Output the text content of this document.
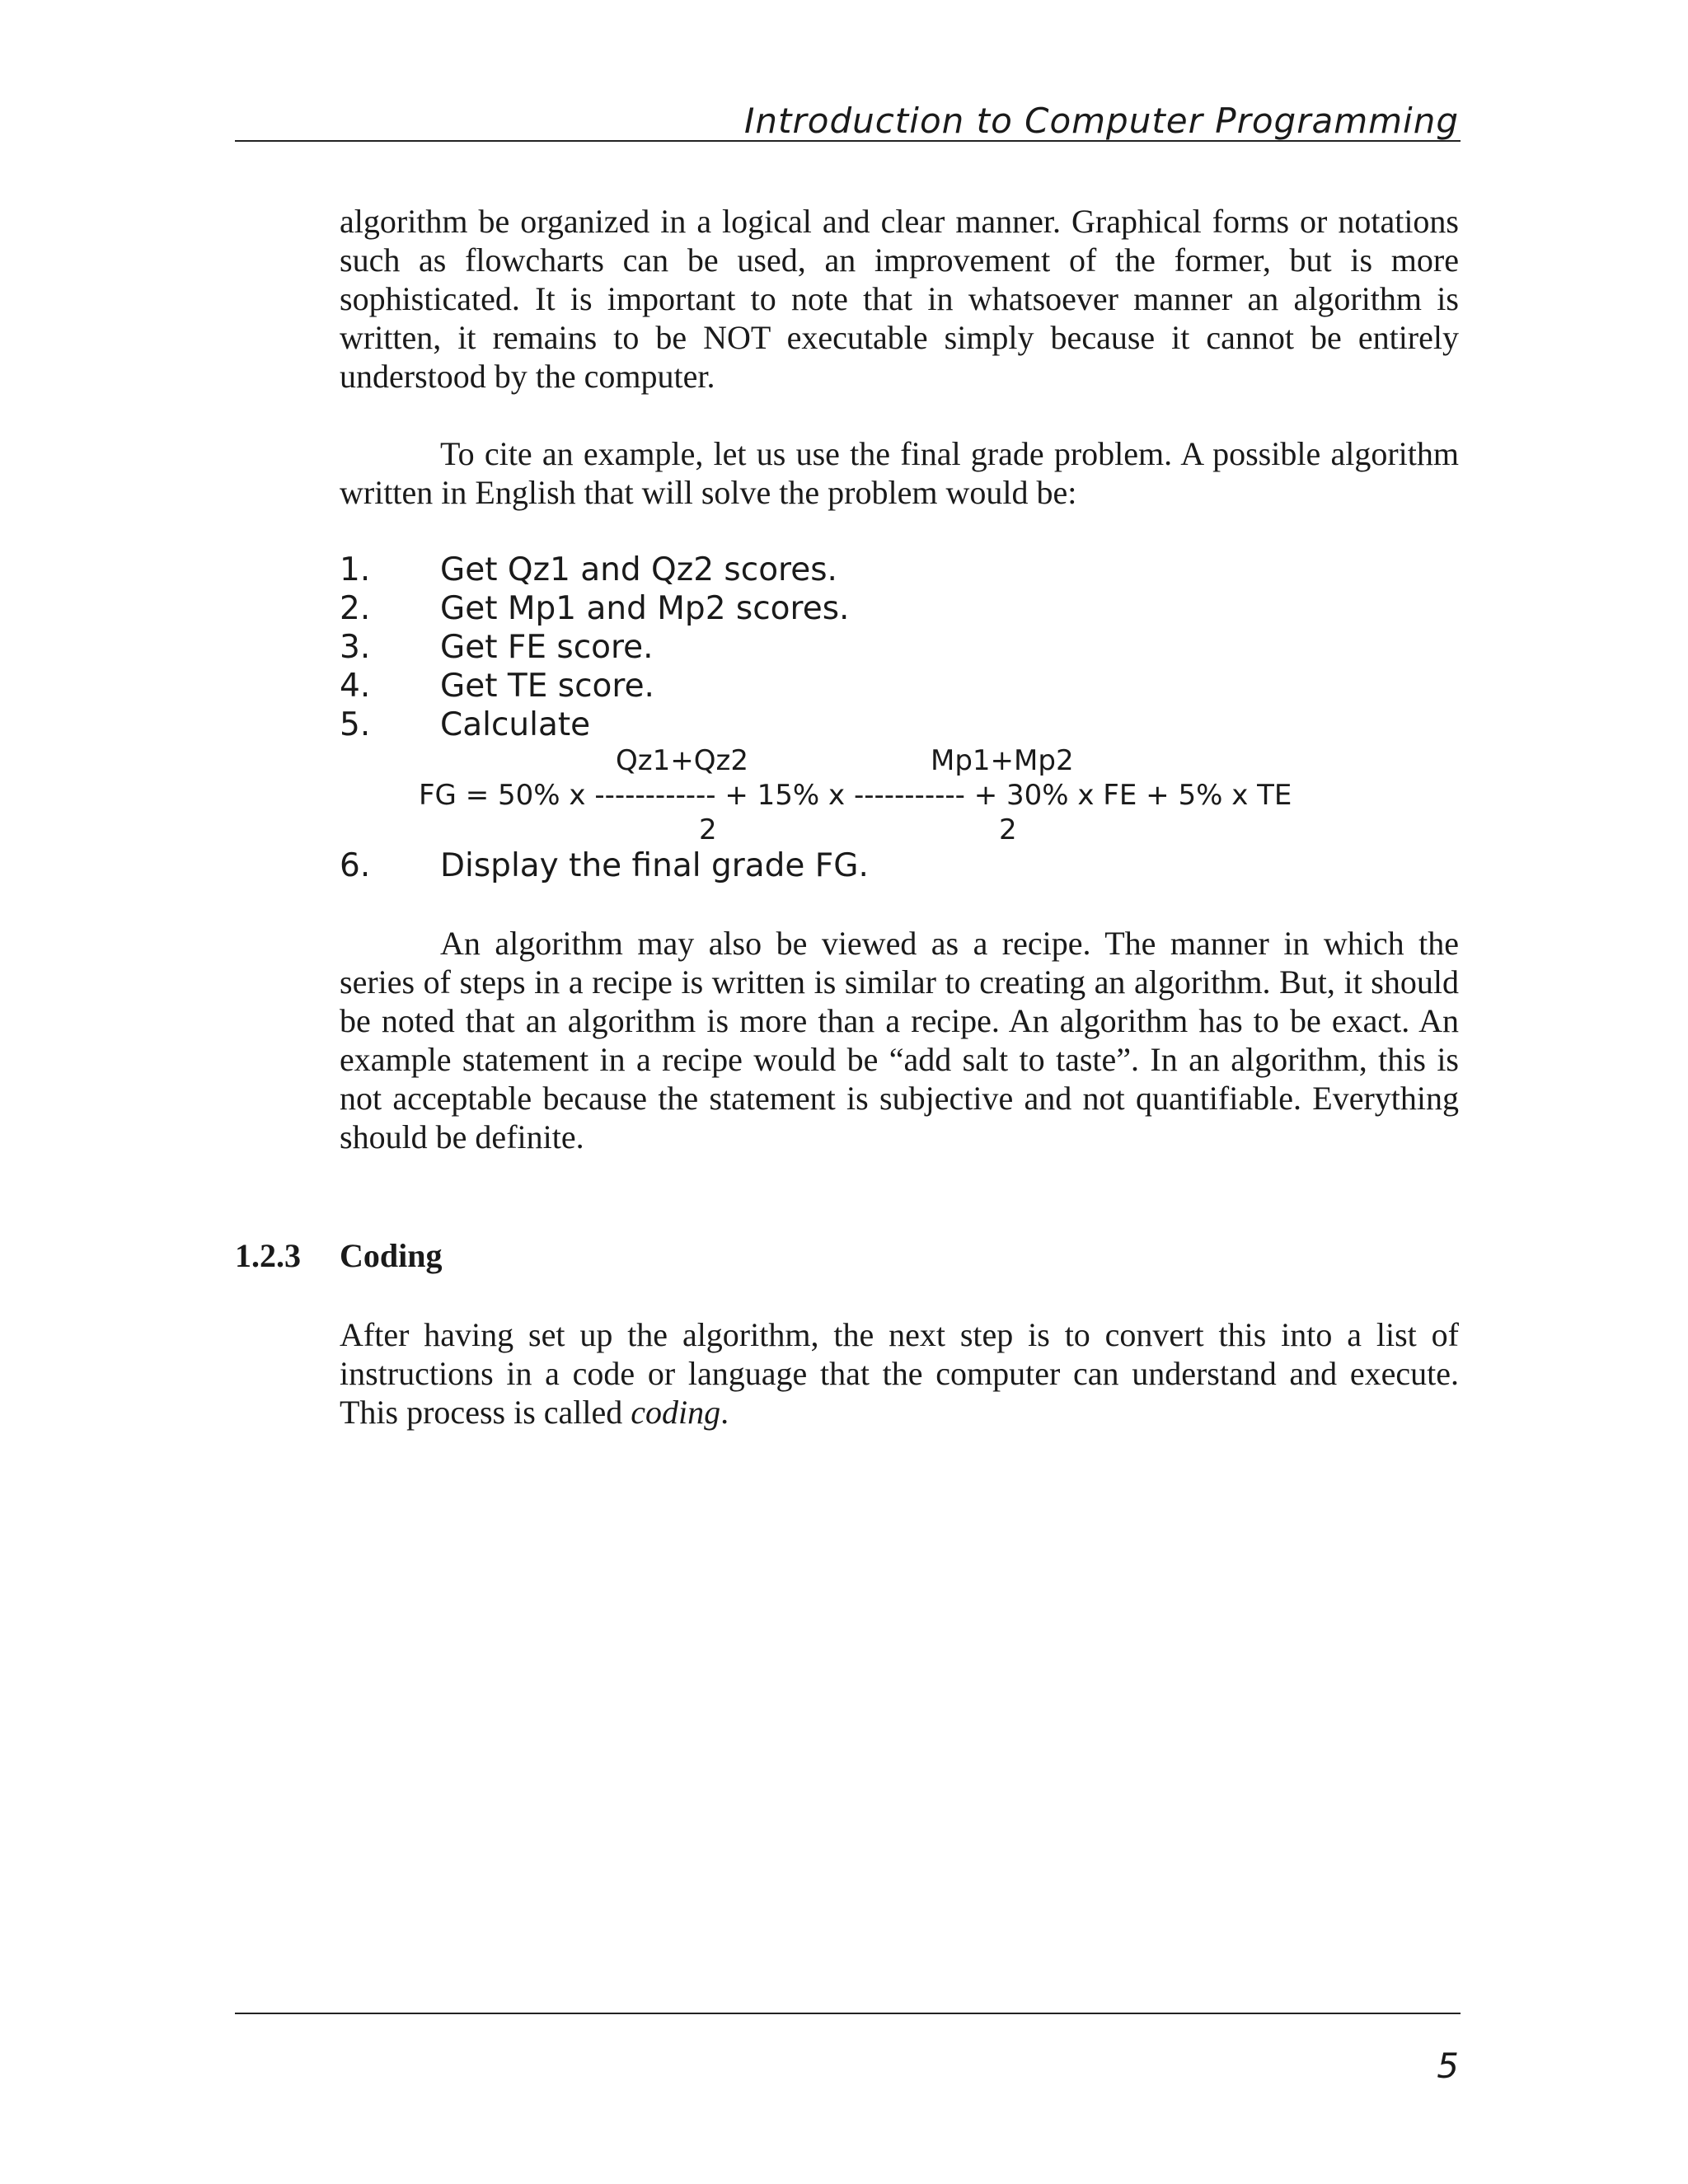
Introduction to Computer Programming

algorithm be organized in a logical and clear manner. Graphical forms or notations such as flowcharts can be used, an improvement of the former, but is more sophisticated. It is important to note that in whatsoever manner an algorithm is written, it remains to be NOT executable simply because it cannot be entirely understood by the computer.

To cite an example, let us use the final grade problem. A possible algorithm written in English that will solve the problem would be:

1.	Get Qz1 and Qz2 scores.
2.	Get Mp1 and Mp2 scores.
3.	Get FE score.
4.	Get TE score.
5.	Calculate
Qz1+Qz2	Mp1+Mp2
FG = 50% x ------------ + 15% x ----------- + 30% x FE + 5% x TE
2	2
6.	Display the final grade FG.

An algorithm may also be viewed as a recipe. The manner in which the series of steps in a recipe is written is similar to creating an algorithm. But, it should be noted that an algorithm is more than a recipe. An algorithm has to be exact. An example statement in a recipe would be “add salt to taste”. In an algorithm, this is not acceptable because the statement is subjective and not quantifiable. Everything should be definite.

1.2.3 Coding

After having set up the algorithm, the next step is to convert this into a list of instructions in a code or language that the computer can understand and execute. This process is called coding.

5
